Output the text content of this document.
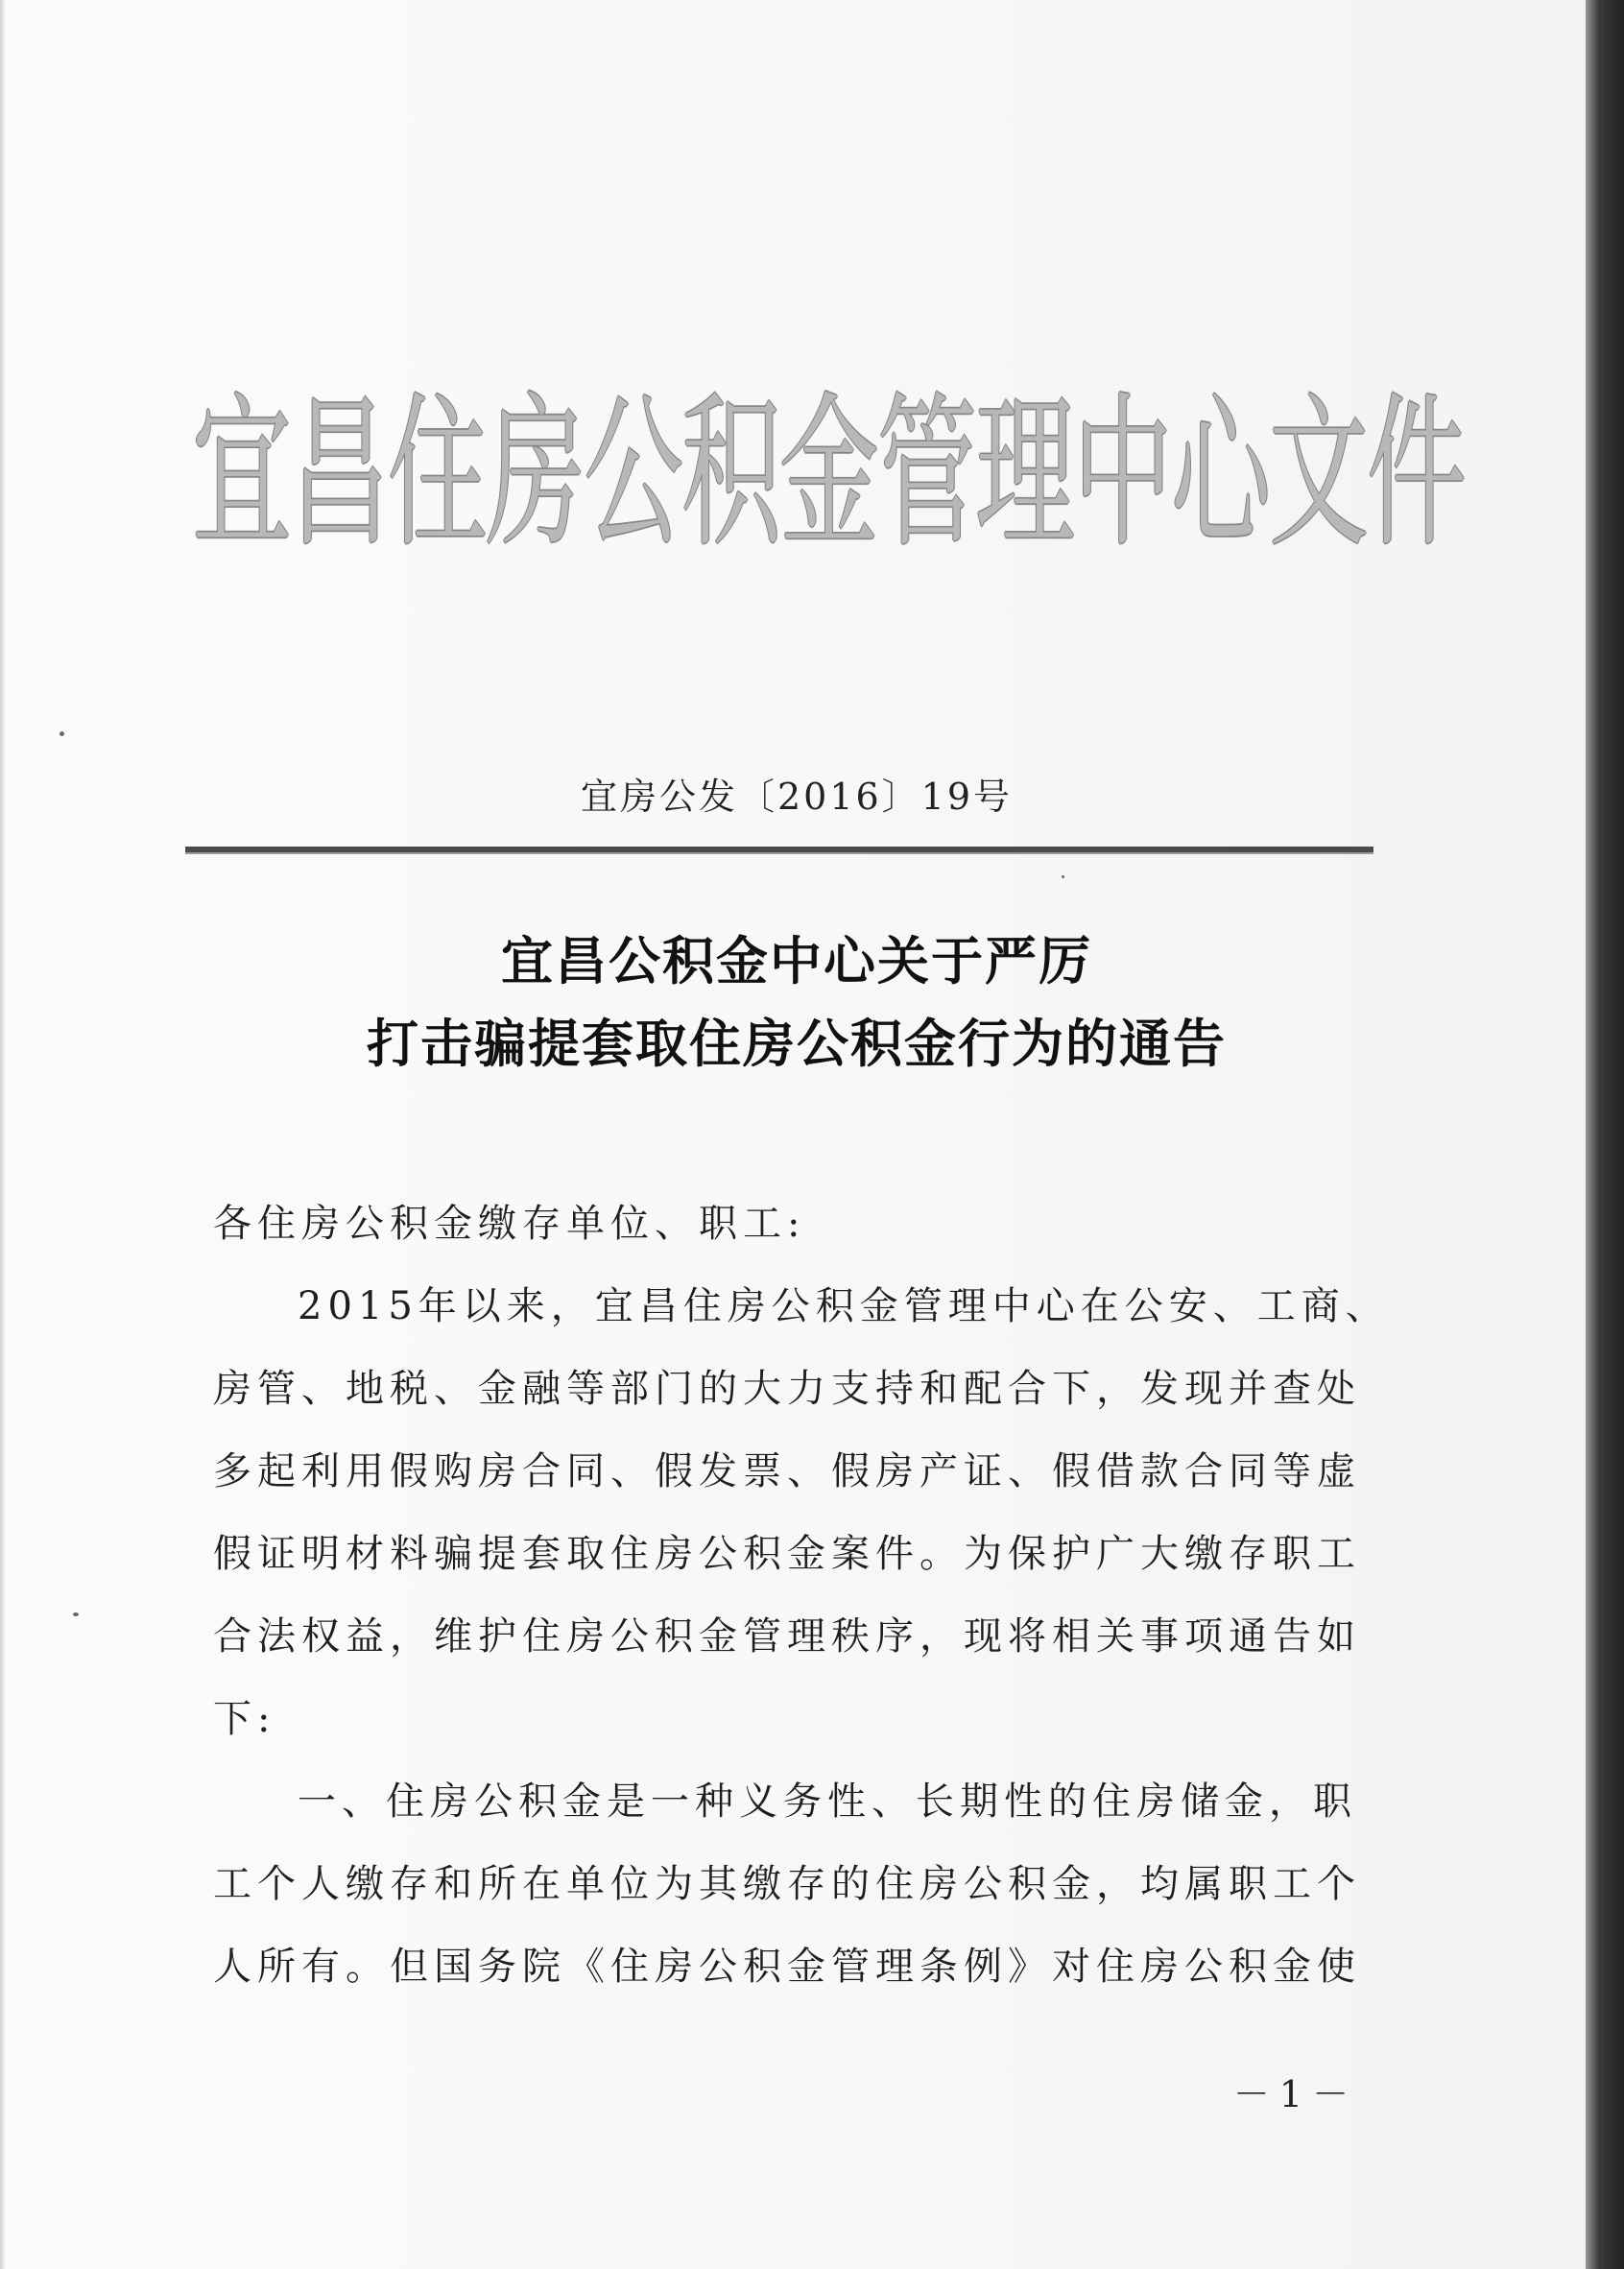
宜昌住房公积金管理中心文件
宜房公发〔2016〕19号
宜昌公积金中心关于严厉
打击骗提套取住房公积金行为的通告
各住房公积金缴存单位、职工:
2015年以来，宜昌住房公积金管理中心在公安、工商、
房管、地税、金融等部门的大力支持和配合下，发现并查处
多起利用假购房合同、假发票、假房产证、假借款合同等虚
假证明材料骗提套取住房公积金案件。为保护广大缴存职工
合法权益，维护住房公积金管理秩序，现将相关事项通告如
下:
一、住房公积金是一种义务性、长期性的住房储金，职
工个人缴存和所在单位为其缴存的住房公积金，均属职工个
人所有。但国务院《住房公积金管理条例》对住房公积金使
－1－
